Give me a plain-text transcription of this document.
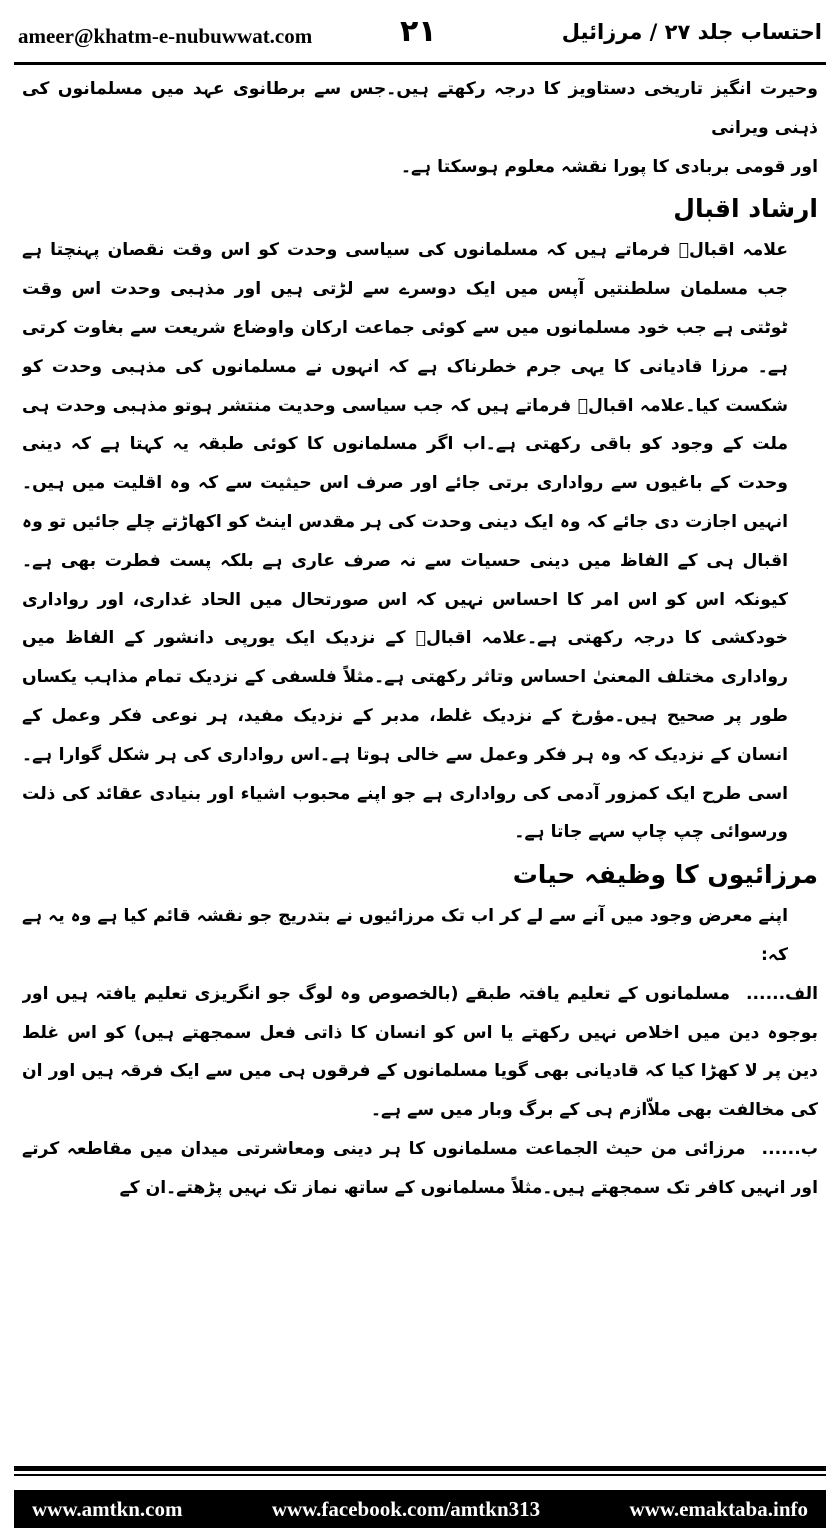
ameer@khatm-e-nubuwwat.com	۲۱	احتساب جلد ۲۷ ‏/ مرزائیل

وحیرت انگیز تاریخی دستاویز کا درجہ رکھتے ہیں۔جس سے برطانوی عہد میں مسلمانوں کی ذہنی ویرانی

اور قومی بربادی کا پورا نقشہ معلوم ہوسکتا ہے۔

ارشاد اقبال

علامہ اقبالؒ فرماتے ہیں کہ مسلمانوں کی سیاسی وحدت کو اس وقت نقصان پہنچتا ہے جب مسلمان سلطنتیں آپس میں ایک دوسرے سے لڑتی ہیں اور مذہبی وحدت اس وقت ٹوٹتی ہے جب خود مسلمانوں میں سے کوئی جماعت ارکان واوضاع شریعت سے بغاوت کرتی ہے۔ مرزا قادیانی کا یہی جرم خطرناک ہے کہ انہوں نے مسلمانوں کی مذہبی وحدت کو شکست کیا۔علامہ اقبالؒ فرماتے ہیں کہ جب سیاسی وحدیت منتشر ہوتو مذہبی وحدت ہی ملت کے وجود کو باقی رکھتی ہے۔اب اگر مسلمانوں کا کوئی طبقہ یہ کہتا ہے کہ دینی وحدت کے باغیوں سے رواداری برتی جائے اور صرف اس حیثیت سے کہ وہ اقلیت میں ہیں۔انہیں اجازت دی جائے کہ وہ ایک دینی وحدت کی ہر مقدس اینٹ کو اکھاڑتے چلے جائیں تو وہ اقبال ہی کے الفاظ میں دینی حسیات سے نہ صرف عاری ہے بلکہ پست فطرت بھی ہے۔کیونکہ اس کو اس امر کا احساس نہیں کہ اس صورتحال میں الحاد غداری، اور رواداری خودکشی کا درجہ رکھتی ہے۔علامہ اقبالؒ کے نزدیک ایک یورپی دانشور کے الفاظ میں رواداری مختلف المعنیٰ احساس وتاثر رکھتی ہے۔مثلاً فلسفی کے نزدیک تمام مذاہب یکساں طور پر صحیح ہیں۔مؤرخ کے نزدیک غلط، مدبر کے نزدیک مفید، ہر نوعی فکر وعمل کے انسان کے نزدیک کہ وہ ہر فکر وعمل سے خالی ہوتا ہے۔اس رواداری کی ہر شکل گوارا ہے۔اسی طرح ایک کمزور آدمی کی رواداری ہے جو اپنے محبوب اشیاء اور بنیادی عقائد کی ذلت ورسوائی چپ چاپ سہے جاتا ہے۔

مرزائیوں کا وظیفہ حیات

اپنے معرض وجود میں آنے سے لے کر اب تک مرزائیوں نے بتدریج جو نقشہ قائم کیا ہے وہ یہ ہے کہ:

الف......مسلمانوں کے تعلیم یافتہ طبقے (بالخصوص وہ لوگ جو انگریزی تعلیم یافتہ ہیں اور بوجوہ دین میں اخلاص نہیں رکھتے یا اس کو انسان کا ذاتی فعل سمجھتے ہیں) کو اس غلط دین پر لا کھڑا کیا کہ قادیانی بھی گویا مسلمانوں کے فرقوں ہی میں سے ایک فرقہ ہیں اور ان کی مخالفت بھی ملاّازم ہی کے برگ وبار میں سے ہے۔

ب......مرزائی من حیث الجماعت مسلمانوں کا ہر دینی ومعاشرتی میدان میں مقاطعہ کرتے اور انہیں کافر تک سمجھتے ہیں۔مثلاً مسلمانوں کے ساتھ نماز تک نہیں پڑھتے۔ان کے

www.amtkn.com	www.facebook.com/amtkn313	www.emaktaba.info
